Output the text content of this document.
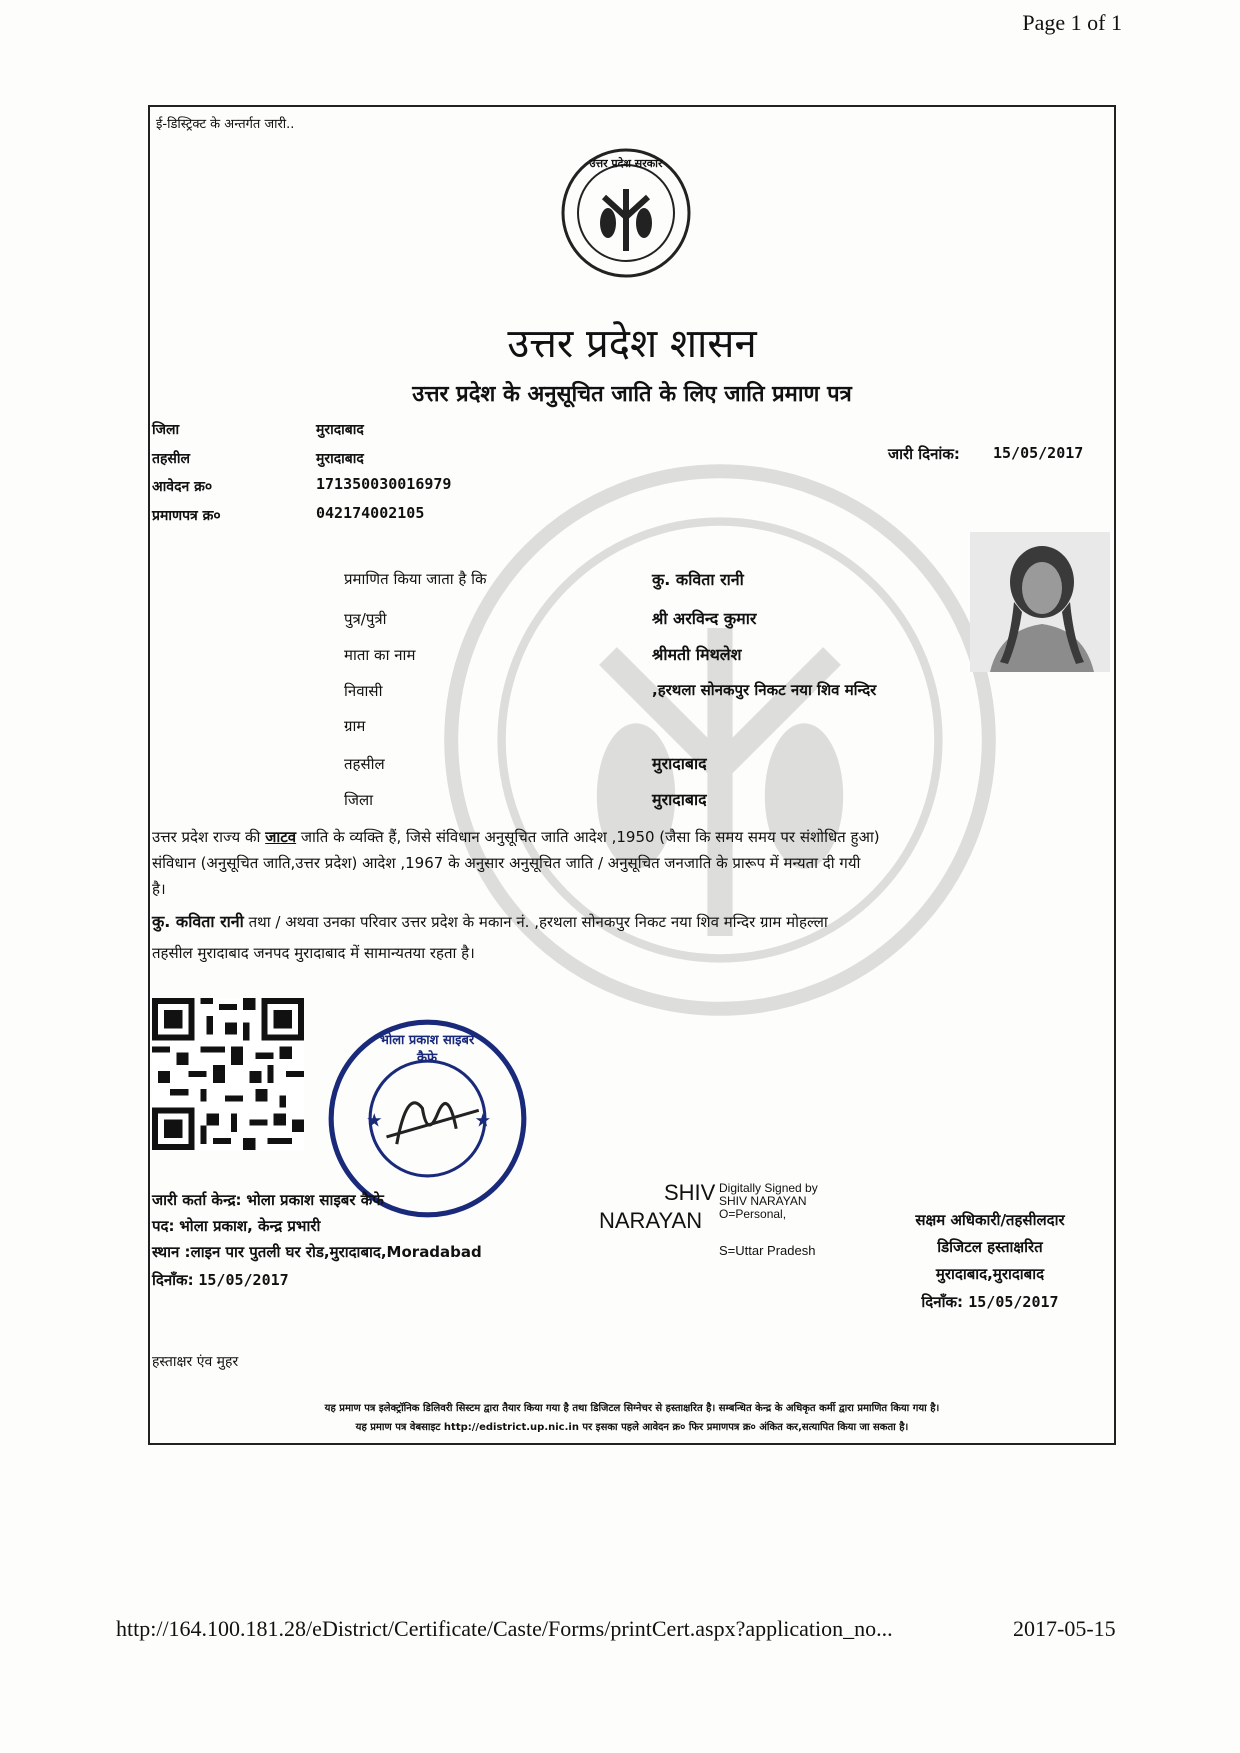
Page 1 of 1
ई-डिस्ट्रिक्ट के अन्तर्गत जारी..
उत्तर प्रदेश सरकार
उत्तर प्रदेश शासन
उत्तर प्रदेश के अनुसूचित जाति के लिए जाति प्रमाण पत्र
जिला	मुरादाबाद
तहसील	मुरादाबाद
आवेदन क्र०	171350030016979
प्रमाणपत्र क्र०	042174002105
जारी दिनांक: 15/05/2017
प्रमाणित किया जाता है कि	कु. कविता रानी
पुत्र/पुत्री	श्री अरविन्द कुमार
माता का नाम	श्रीमती मिथलेश
निवासी	,हरथला सोनकपुर निकट नया शिव मन्दिर
ग्राम
तहसील	मुरादाबाद
जिला	मुरादाबाद
उत्तर प्रदेश राज्य की जाटव जाति के व्यक्ति हैं, जिसे संविधान अनुसूचित जाति आदेश ,1950 (जैसा कि समय समय पर संशोधित हुआ)
संविधान (अनुसूचित जाति,उत्तर प्रदेश) आदेश ,1967 के अनुसार अनुसूचित जाति / अनुसूचित जनजाति के प्रारूप में मन्यता दी गयी
है।
कु. कविता रानी तथा / अथवा उनका परिवार उत्तर प्रदेश के मकान नं. ,हरथला सोनकपुर निकट नया शिव मन्दिर ग्राम मोहल्ला
तहसील मुरादाबाद जनपद मुरादाबाद में सामान्यतया रहता है।
★	★
भोला प्रकाश साइबर कैफे
जारी कर्ता केन्द्र: भोला प्रकाश साइबर कैफे
पद: भोला प्रकाश, केन्द्र प्रभारी
स्थान :लाइन पार पुतली घर रोड,मुरादाबाद,Moradabad
दिनाँक: 15/05/2017
हस्ताक्षर एंव मुहर
SHIV
NARAYAN
Digitally Signed by
SHIV NARAYAN
O=Personal,
S=Uttar Pradesh
सक्षम अधिकारी/तहसीलदार
डिजिटल हस्ताक्षरित
मुरादाबाद,मुरादाबाद
दिनाँक: 15/05/2017
यह प्रमाण पत्र इलेक्ट्रॉनिक डिलिवरी सिस्टम द्वारा तैयार किया गया है तथा डिजिटल सिग्नेचर से हस्ताक्षरित है। सम्बन्धित केन्द्र के अधिकृत कर्मी द्वारा प्रमाणित किया गया है।
यह प्रमाण पत्र वेबसाइट http://edistrict.up.nic.in पर इसका पहले आवेदन क्र० फिर प्रमाणपत्र क्र० अंकित कर,सत्यापित किया जा सकता है।
http://164.100.181.28/eDistrict/Certificate/Caste/Forms/printCert.aspx?application_no...	2017-05-15
